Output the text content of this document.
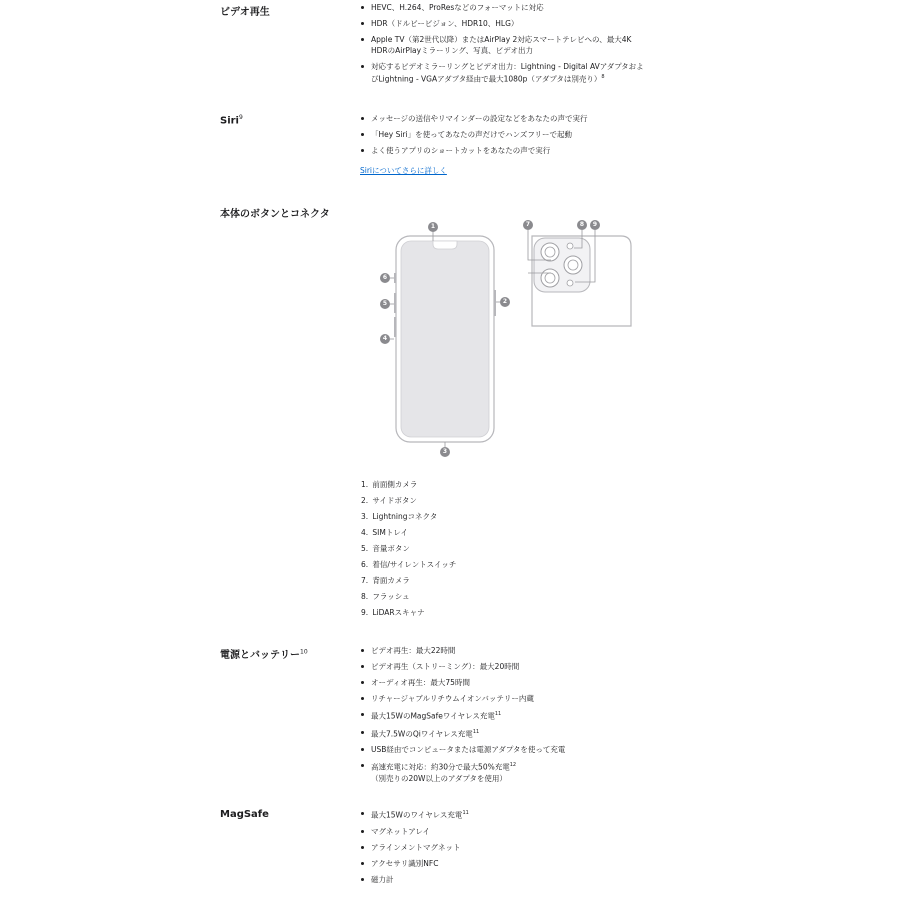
ビデオ再生	HEVC、H.264、ProResなどのフォーマットに対応
HDR（ドルビービジョン、HDR10、HLG）
Apple TV（第2世代以降）またはAirPlay 2対応スマートテレビへの、最大4K HDRのAirPlayミラーリング、写真、ビデオ出力
対応するビデオミラーリングとビデオ出力：Lightning - Digital AVアダプタおよびLightning - VGAアダプタ経由で最大1080p（アダプタは別売り）$^8$
Siri$^9$	メッセージの送信やリマインダーの設定などをあなたの声で実行
「Hey Siri」を使ってあなたの声だけでハンズフリーで起動
よく使うアプリのショートカットをあなたの声で実行
Siriについてさらに詳しく
本体のボタンとコネクタ
1
2
3
4
5
6
7	8	9
1. 前面側カメラ
2. サイドボタン
3. Lightningコネクタ
4. SIMトレイ
5. 音量ボタン
6. 着信/サイレントスイッチ
7. 背面カメラ
8. フラッシュ
9. LiDARスキャナ
電源とバッテリー$^{10}$	ビデオ再生：最大22時間
ビデオ再生（ストリーミング）：最大20時間
オーディオ再生：最大75時間
リチャージャブルリチウムイオンバッテリー内蔵
最大15WのMagSafeワイヤレス充電$^{11}$
最大7.5WのQiワイヤレス充電$^{11}$
USB経由でコンピュータまたは電源アダプタを使って充電
高速充電に対応：約30分で最大50%充電$^{12}$（別売りの20W以上のアダプタを使用）
MagSafe	最大15Wのワイヤレス充電$^{11}$
マグネットアレイ
アラインメントマグネット
アクセサリ識別NFC
磁力計
